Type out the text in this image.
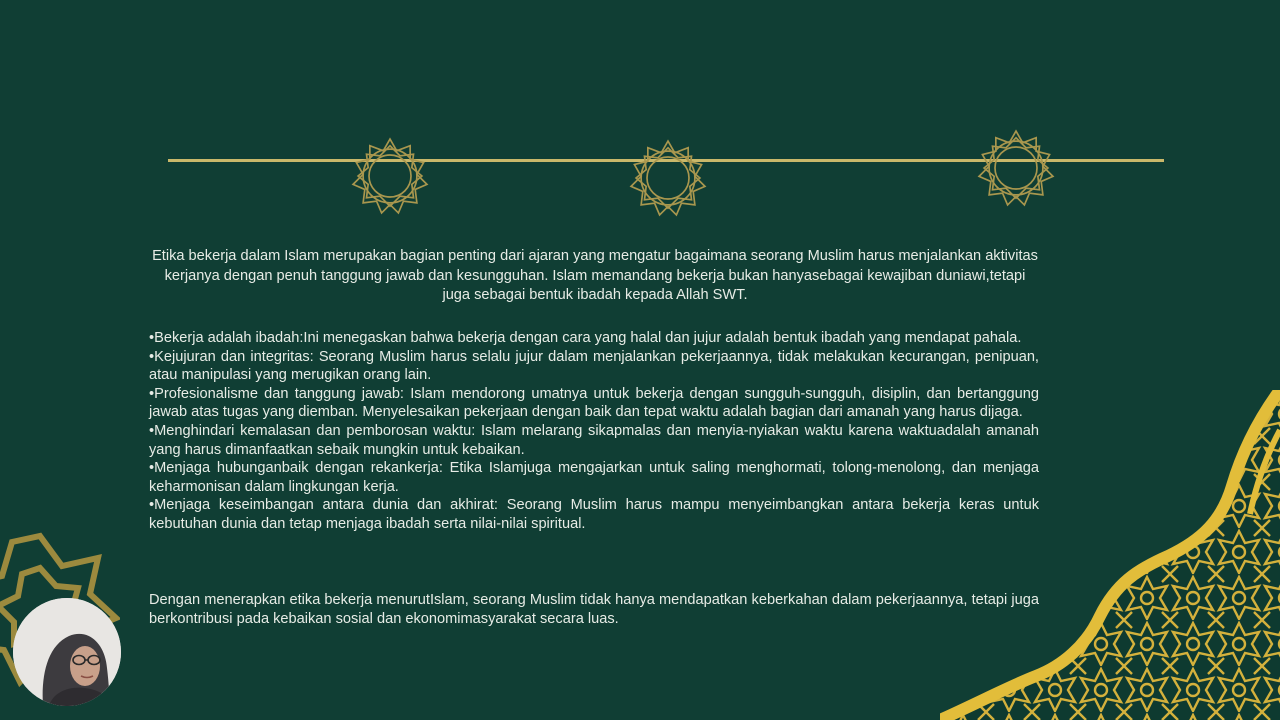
Etika bekerja dalam Islam merupakan bagian penting dari ajaran yang mengatur bagaimana seorang Muslim harus menjalankan aktivitas kerjanya dengan penuh tanggung jawab dan kesungguhan. Islam memandang bekerja bukan hanyasebagai kewajiban duniawi,tetapi juga sebagai bentuk ibadah kepada Allah SWT.

•Bekerja adalah ibadah:Ini menegaskan bahwa bekerja dengan cara yang halal dan jujur adalah bentuk ibadah yang mendapat pahala.
•Kejujuran dan integritas: Seorang Muslim harus selalu jujur dalam menjalankan pekerjaannya, tidak melakukan kecurangan, penipuan, atau manipulasi yang merugikan orang lain.
•Profesionalisme dan tanggung jawab: Islam mendorong umatnya untuk bekerja dengan sungguh-sungguh, disiplin, dan bertanggung jawab atas tugas yang diemban. Menyelesaikan pekerjaan dengan baik dan tepat waktu adalah bagian dari amanah yang harus dijaga.
•Menghindari kemalasan dan pemborosan waktu: Islam melarang sikapmalas dan menyia-nyiakan waktu karena waktuadalah amanah yang harus dimanfaatkan sebaik mungkin untuk kebaikan.
•Menjaga hubunganbaik dengan rekankerja: Etika Islamjuga mengajarkan untuk saling menghormati, tolong-menolong, dan menjaga keharmonisan dalam lingkungan kerja.
•Menjaga keseimbangan antara dunia dan akhirat: Seorang Muslim harus mampu menyeimbangkan antara bekerja keras untuk kebutuhan dunia dan tetap menjaga ibadah serta nilai-nilai spiritual.

Dengan menerapkan etika bekerja menurutIslam, seorang Muslim tidak hanya mendapatkan keberkahan dalam pekerjaannya, tetapi juga berkontribusi pada kebaikan sosial dan ekonomimasyarakat secara luas.
